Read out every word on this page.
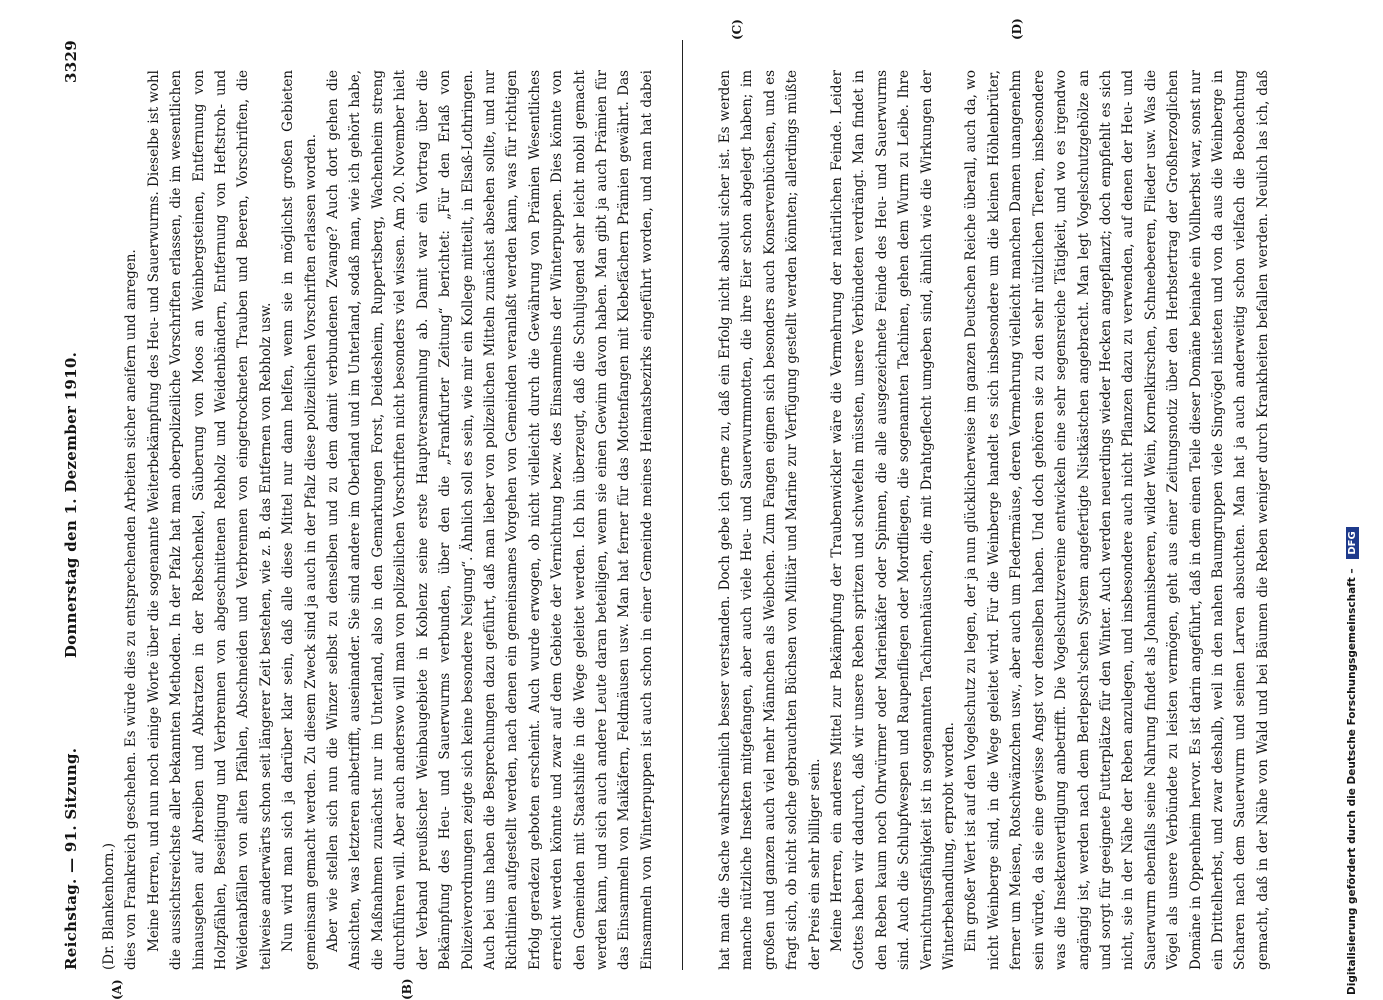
Reichstag. — 91. Sitzung.
Donnerstag den 1. Dezember 1910.
3329
(A)	(B)
(C)	(D)

(Dr. Blankenhorn.) dies von Frankreich geschehen. Es würde dies zu entsprechenden Arbeiten sicher aneifern und anregen. Meine Herren, und nun noch einige Worte über die sogenannte Weiterbekämpfung des Heu- und Sauerwurms. Dieselbe ist wohl die aussichtsreichste aller bekannten Methoden. In der Pfalz hat man oberpolizeiliche Vorschriften erlassen, die im wesentlichen hinausgehen auf Abreiben und Abkratzen in der Rebschenkel, Säuberung von Moos an Weinbergsteinen, Entfernung von Holzpfählen, Beseitigung und Verbrennen von abgeschnittenen Rebholz und Weidenbändern, Entfernung von Heftstroh- und Weidenabfällen von alten Pfählen, Abschneiden und Verbrennen von eingetrockneten Trauben und Beeren, Vorschriften, die teilweise anderwärts schon seit längerer Zeit bestehen, wie z. B. das Entfernen von Rebholz usw. Nun wird man sich ja darüber klar sein, daß alle diese Mittel nur dann helfen, wenn sie in möglichst großen Gebieten gemeinsam gemacht werden. Zu diesem Zweck sind ja auch in der Pfalz diese polizeilichen Vorschriften erlassen worden. Aber wie stellen sich nun die Winzer selbst zu denselben und zu dem damit verbundenen Zwange? Auch dort gehen die Ansichten, was letzteren anbetrifft, auseinander. Sie sind andere im Oberland und im Unterland, sodaß man, wie ich gehört habe, die Maßnahmen zunächst nur im Unterland, also in den Gemarkungen Forst, Deidesheim, Ruppertsberg, Wachenheim streng durchführen will. Aber auch anderswo will man von polizeilichen Vorschriften nicht besonders viel wissen. Am 20. November hielt der Verband preußischer Weinbaugebiete in Koblenz seine erste Hauptversammlung ab. Damit war ein Vortrag über die Bekämpfung des Heu- und Sauerwurms verbunden, über den die „Frankfurter Zeitung“ berichtet: „Für den Erlaß von Polizeiverordnungen zeigte sich keine besondere Neigung“. Ähnlich soll es sein, wie mir ein Kollege mitteilt, in Elsaß-Lothringen. Auch bei uns haben die Besprechungen dazu geführt, daß man lieber von polizeilichen Mitteln zunächst absehen sollte, und nur Richtlinien aufgestellt werden, nach denen ein gemeinsames Vorgehen von Gemeinden veranlaßt werden kann, was für richtigen Erfolg geradezu geboten erscheint. Auch wurde erwogen, ob nicht vielleicht durch die Gewährung von Prämien Wesentliches erreicht werden könnte und zwar auf dem Gebiete der Vernichtung bezw. des Einsammelns der Winterpuppen. Dies könnte von den Gemeinden mit Staatshilfe in die Wege geleitet werden. Ich bin überzeugt, daß die Schuljugend sehr leicht mobil gemacht werden kann, und sich auch andere Leute daran beteiligen, wenn sie einen Gewinn davon haben. Man gibt ja auch Prämien für das Einsammeln von Maikäfern, Feldmäusen usw. Man hat ferner für das Mottenfangen mit Klebefächern Prämien gewährt. Das Einsammeln von Winterpuppen ist auch schon in einer Gemeinde meines Heimatsbezirks eingeführt worden, und man hat dabei	hat man die Sache wahrscheinlich besser verstanden. Doch gebe ich gerne zu, daß ein Erfolg nicht absolut sicher ist. Es werden manche nützliche Insekten mitgefangen, aber auch viele Heu- und Sauerwurmmotten, die ihre Eier schon abgelegt haben; im großen und ganzen auch viel mehr Männchen als Weibchen. Zum Fangen eignen sich besonders auch Konservenbüchsen, und es fragt sich, ob nicht solche gebrauchten Büchsen von Militär und Marine zur Verfügung gestellt werden könnten; allerdings müßte der Preis ein sehr billiger sein. Meine Herren, ein anderes Mittel zur Bekämpfung der Traubenwickler wäre die Vermehrung der natürlichen Feinde. Leider Gottes haben wir dadurch, daß wir unsere Reben spritzen und schwefeln müssten, unsere Verbündeten verdrängt. Man findet in den Reben kaum noch Ohrwürmer oder Marienkäfer oder Spinnen, die alle ausgezeichnete Feinde des Heu- und Sauerwurms sind. Auch die Schlupfwespen und Raupenfliegen oder Mordfliegen, die sogenannten Tachinen, gehen dem Wurm zu Leibe. Ihre Vernichtungsfähigkeit ist in sogenannten Tachinenhäuschen, die mit Drahtgeflecht umgeben sind, ähnlich wie die Wirkungen der Winterbehandlung, erprobt worden. Ein großer Wert ist auf den Vogelschutz zu legen, der ja nun glücklicherweise im ganzen Deutschen Reiche überall, auch da, wo nicht Weinberge sind, in die Wege geleitet wird. Für die Weinberge handelt es sich insbesondere um die kleinen Höhlenbrüter, ferner um Meisen, Rotschwänzchen usw., aber auch um Fledermäuse, deren Vermehrung vielleicht manchen Damen unangenehm sein würde, da sie eine gewisse Angst vor denselben haben. Und doch gehören sie zu den sehr nützlichen Tieren, insbesondere was die Insektenvertilgung anbetrifft. Die Vogelschutzvereine entwickeln eine sehr segensreiche Tätigkeit, und wo es irgendwo angängig ist, werden nach dem Berlepsch'schen System angefertigte Nistkästchen angebracht. Man legt Vogelschutzgehölze an und sorgt für geeignete Futterplätze für den Winter. Auch werden neuerdings wieder Hecken angepflanzt; doch empfiehlt es sich nicht, sie in der Nähe der Reben anzulegen, und insbesondere auch nicht Pflanzen dazu zu verwenden, auf denen der Heu- und Sauerwurm ebenfalls seine Nahrung findet als Johannisbeeren, wilder Wein, Kornelkirschen, Schneebeeren, Flieder usw. Was die Vögel als unsere Verbündete zu leisten vermögen, geht aus einer Zeitungsnotiz über den Herbstertrag der Großherzoglichen Domäne in Oppenheim hervor. Es ist darin angeführt, daß in dem einen Teile dieser Domäne beinahe ein Vollherbst war, sonst nur ein Drittelherbst, und zwar deshalb, weil in den nahen Baumgruppen viele Singvögel nisteten und von da aus die Weinberge in Scharen nach dem Sauerwurm und seinen Larven absuchten. Man hat ja auch anderweitig schon vielfach die Beobachtung gemacht, daß in der Nähe von Wald und bei Bäumen die Reben weniger durch Krankheiten befallen werden. Neulich las ich, daß

Digitalisierung gefördert durch die Deutsche Forschungsgemeinschaft – DFG
